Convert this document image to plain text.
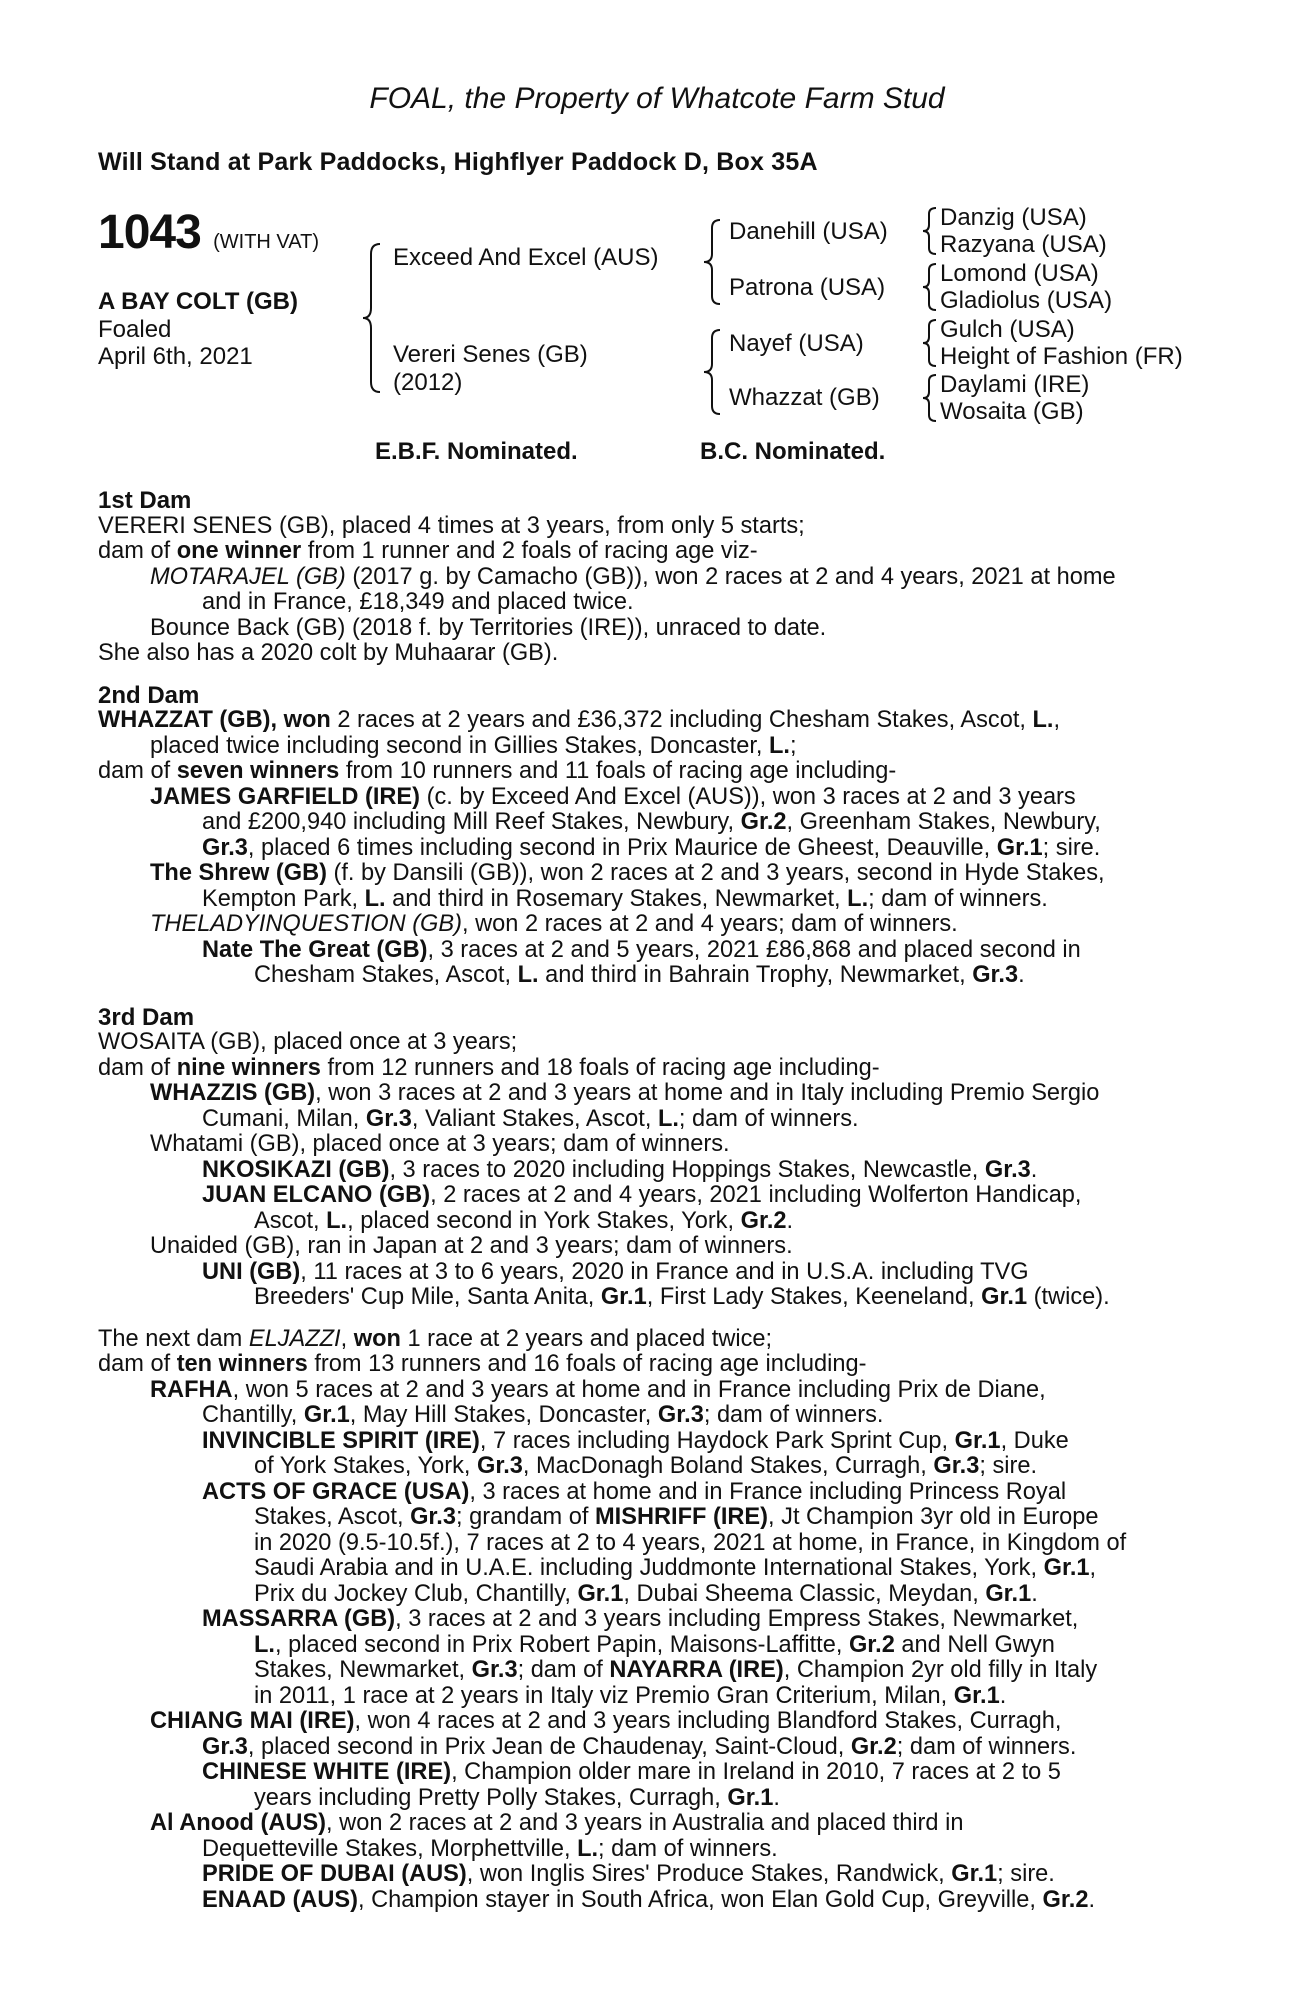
FOAL, the Property of Whatcote Farm Stud
Will Stand at Park Paddocks, Highflyer Paddock D, Box 35A
1043 (WITH VAT)
A BAY COLT (GB)
Foaled
April 6th, 2021
Exceed And Excel (AUS)
Vereri Senes (GB)
(2012)
Danehill (USA)
Patrona (USA)
Nayef (USA)
Whazzat (GB)
Danzig (USA)
Razyana (USA)
Lomond (USA)
Gladiolus (USA)
Gulch (USA)
Height of Fashion (FR)
Daylami (IRE)
Wosaita (GB)
E.B.F. Nominated.	B.C. Nominated.
1st Dam
VERERI SENES (GB), placed 4 times at 3 years, from only 5 starts;
dam of one winner from 1 runner and 2 foals of racing age viz-
MOTARAJEL (GB) (2017 g. by Camacho (GB)), won 2 races at 2 and 4 years, 2021 at home
and in France, £18,349 and placed twice.
Bounce Back (GB) (2018 f. by Territories (IRE)), unraced to date.
She also has a 2020 colt by Muhaarar (GB).
2nd Dam
WHAZZAT (GB), won 2 races at 2 years and £36,372 including Chesham Stakes, Ascot, L.,
placed twice including second in Gillies Stakes, Doncaster, L.;
dam of seven winners from 10 runners and 11 foals of racing age including-
JAMES GARFIELD (IRE) (c. by Exceed And Excel (AUS)), won 3 races at 2 and 3 years
and £200,940 including Mill Reef Stakes, Newbury, Gr.2, Greenham Stakes, Newbury,
Gr.3, placed 6 times including second in Prix Maurice de Gheest, Deauville, Gr.1; sire.
The Shrew (GB) (f. by Dansili (GB)), won 2 races at 2 and 3 years, second in Hyde Stakes,
Kempton Park, L. and third in Rosemary Stakes, Newmarket, L.; dam of winners.
THELADYINQUESTION (GB), won 2 races at 2 and 4 years; dam of winners.
Nate The Great (GB), 3 races at 2 and 5 years, 2021 £86,868 and placed second in
Chesham Stakes, Ascot, L. and third in Bahrain Trophy, Newmarket, Gr.3.
3rd Dam
WOSAITA (GB), placed once at 3 years;
dam of nine winners from 12 runners and 18 foals of racing age including-
WHAZZIS (GB), won 3 races at 2 and 3 years at home and in Italy including Premio Sergio
Cumani, Milan, Gr.3, Valiant Stakes, Ascot, L.; dam of winners.
Whatami (GB), placed once at 3 years; dam of winners.
NKOSIKAZI (GB), 3 races to 2020 including Hoppings Stakes, Newcastle, Gr.3.
JUAN ELCANO (GB), 2 races at 2 and 4 years, 2021 including Wolferton Handicap,
Ascot, L., placed second in York Stakes, York, Gr.2.
Unaided (GB), ran in Japan at 2 and 3 years; dam of winners.
UNI (GB), 11 races at 3 to 6 years, 2020 in France and in U.S.A. including TVG
Breeders' Cup Mile, Santa Anita, Gr.1, First Lady Stakes, Keeneland, Gr.1 (twice).
The next dam ELJAZZI, won 1 race at 2 years and placed twice;
dam of ten winners from 13 runners and 16 foals of racing age including-
RAFHA, won 5 races at 2 and 3 years at home and in France including Prix de Diane,
Chantilly, Gr.1, May Hill Stakes, Doncaster, Gr.3; dam of winners.
INVINCIBLE SPIRIT (IRE), 7 races including Haydock Park Sprint Cup, Gr.1, Duke
of York Stakes, York, Gr.3, MacDonagh Boland Stakes, Curragh, Gr.3; sire.
ACTS OF GRACE (USA), 3 races at home and in France including Princess Royal
Stakes, Ascot, Gr.3; grandam of MISHRIFF (IRE), Jt Champion 3yr old in Europe
in 2020 (9.5-10.5f.), 7 races at 2 to 4 years, 2021 at home, in France, in Kingdom of
Saudi Arabia and in U.A.E. including Juddmonte International Stakes, York, Gr.1,
Prix du Jockey Club, Chantilly, Gr.1, Dubai Sheema Classic, Meydan, Gr.1.
MASSARRA (GB), 3 races at 2 and 3 years including Empress Stakes, Newmarket,
L., placed second in Prix Robert Papin, Maisons-Laffitte, Gr.2 and Nell Gwyn
Stakes, Newmarket, Gr.3; dam of NAYARRA (IRE), Champion 2yr old filly in Italy
in 2011, 1 race at 2 years in Italy viz Premio Gran Criterium, Milan, Gr.1.
CHIANG MAI (IRE), won 4 races at 2 and 3 years including Blandford Stakes, Curragh,
Gr.3, placed second in Prix Jean de Chaudenay, Saint-Cloud, Gr.2; dam of winners.
CHINESE WHITE (IRE), Champion older mare in Ireland in 2010, 7 races at 2 to 5
years including Pretty Polly Stakes, Curragh, Gr.1.
Al Anood (AUS), won 2 races at 2 and 3 years in Australia and placed third in
Dequetteville Stakes, Morphettville, L.; dam of winners.
PRIDE OF DUBAI (AUS), won Inglis Sires' Produce Stakes, Randwick, Gr.1; sire.
ENAAD (AUS), Champion stayer in South Africa, won Elan Gold Cup, Greyville, Gr.2.
